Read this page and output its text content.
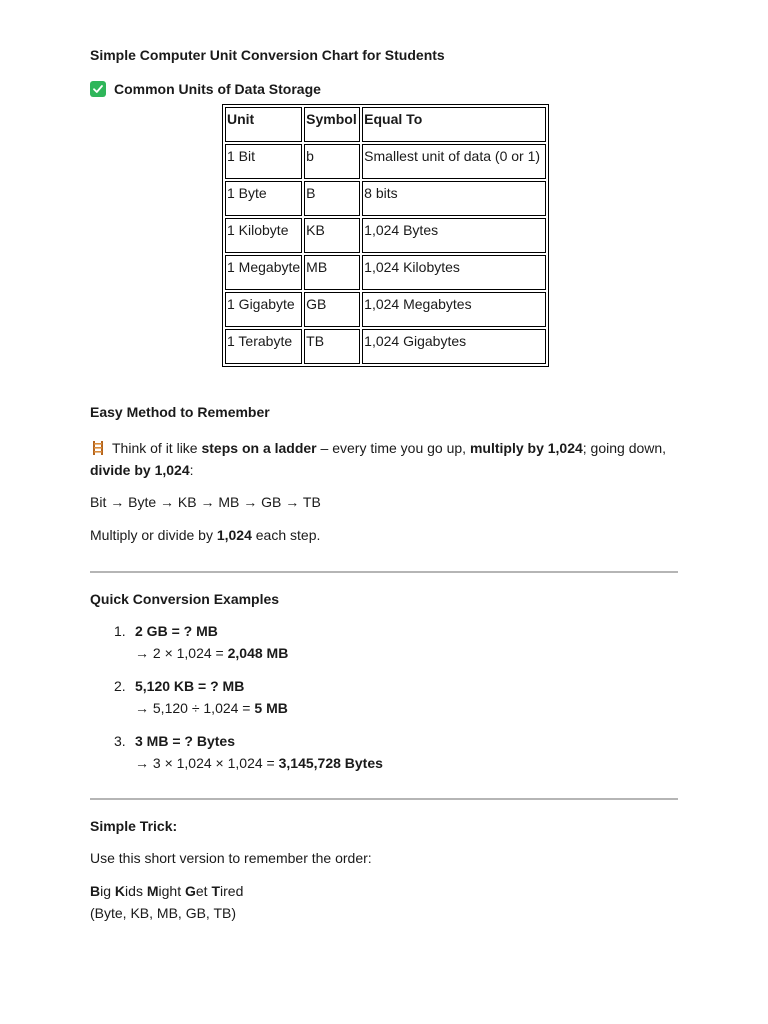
Simple Computer Unit Conversion Chart for Students
Common Units of Data Storage
Unit	Symbol	Equal To
1 Bit	b	Smallest unit of data (0 or 1)
1 Byte	B	8 bits
1 Kilobyte	KB	1,024 Bytes
1 Megabyte	MB	1,024 Kilobytes
1 Gigabyte	GB	1,024 Megabytes
1 Terabyte	TB	1,024 Gigabytes
Easy Method to Remember
Think of it like steps on a ladder – every time you go up, multiply by 1,024; going down, divide by 1,024:
Bit → Byte → KB → MB → GB → TB
Multiply or divide by 1,024 each step.
Quick Conversion Examples
1. 2 GB = ? MB
→ 2 × 1,024 = 2,048 MB
2. 5,120 KB = ? MB
→ 5,120 ÷ 1,024 = 5 MB
3. 3 MB = ? Bytes
→ 3 × 1,024 × 1,024 = 3,145,728 Bytes
Simple Trick:
Use this short version to remember the order:
Big Kids Might Get Tired
(Byte, KB, MB, GB, TB)
